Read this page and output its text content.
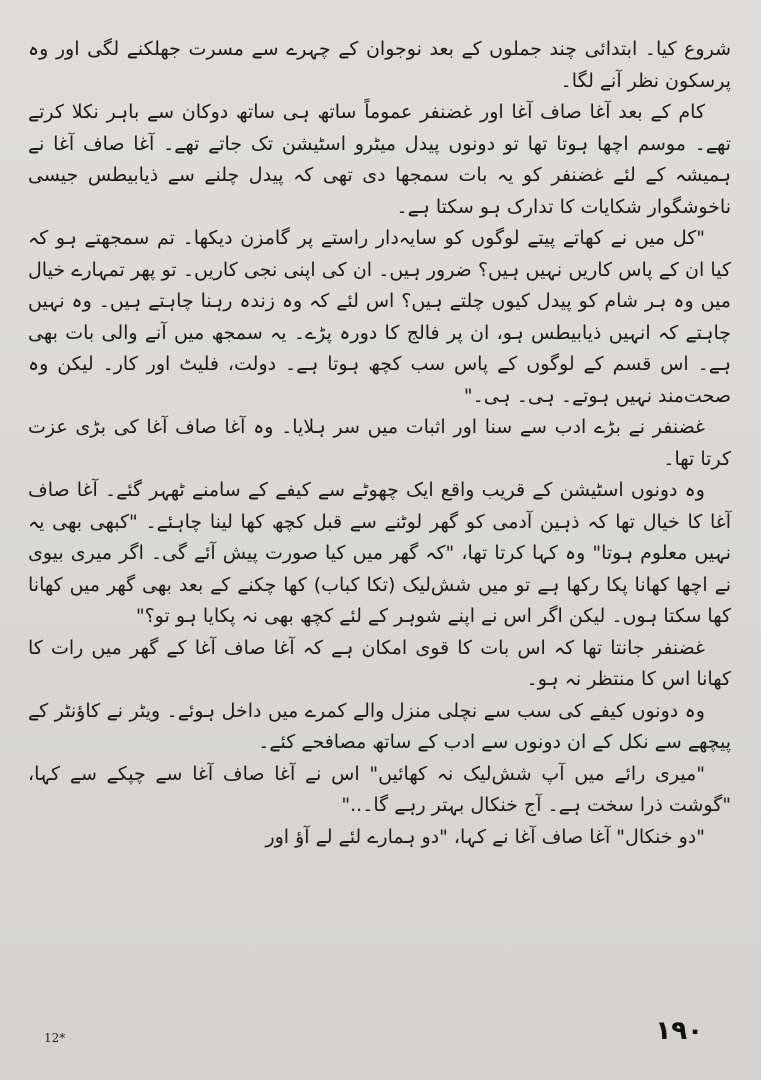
شروع کیا۔ ابتدائی چند جملوں کے بعد نوجوان کے چہرے سے مسرت جھلکنے لگی اور وہ پرسکون نظر آنے لگا۔

کام کے بعد آغا صاف آغا اور غضنفر عموماً ساتھ ہی ساتھ دوکان سے باہر نکلا کرتے تھے۔ موسم اچھا ہوتا تھا تو دونوں پیدل میٹرو اسٹیشن تک جاتے تھے۔ آغا صاف آغا نے ہمیشہ کے لئے غضنفر کو یہ بات سمجھا دی تھی کہ پیدل چلنے سے ذیابیطس جیسی ناخوشگوار شکایات کا تدارک ہو سکتا ہے۔

"کل میں نے کھاتے پیتے لوگوں کو سایہ‌دار راستے پر گامزن دیکھا۔ تم سمجھتے ہو کہ کیا ان کے پاس کاریں نہیں ہیں؟ ضرور ہیں۔ ان کی اپنی نجی کاریں۔ تو پھر تمہارے خیال میں وہ ہر شام کو پیدل کیوں چلتے ہیں؟ اس لئے کہ وہ زندہ رہنا چاہتے ہیں۔ وہ نہیں چاہتے کہ انہیں ذیابیطس ہو، ان پر فالج کا دورہ پڑے۔ یہ سمجھ میں آنے والی بات بھی ہے۔ اس قسم کے لوگوں کے پاس سب کچھ ہوتا ہے۔ دولت، فلیٹ اور کار۔ لیکن وہ صحت‌مند نہیں ہوتے۔ ہی۔ ہی۔"

غضنفر نے بڑے ادب سے سنا اور اثبات میں سر ہلایا۔ وہ آغا صاف آغا کی بڑی عزت کرتا تھا۔

وہ دونوں اسٹیشن کے قریب واقع ایک چھوٹے سے کیفے کے سامنے ٹھہر گئے۔ آغا صاف آغا کا خیال تھا کہ ذہین آدمی کو گھر لوٹنے سے قبل کچھ کھا لینا چاہئے۔ "کبھی بھی یہ نہیں معلوم ہوتا" وہ کہا کرتا تھا، "کہ گھر میں کیا صورت پیش آئے گی۔ اگر میری بیوی نے اچھا کھانا پکا رکھا ہے تو میں شش‌لیک (تکا کباب) کھا چکنے کے بعد بھی گھر میں کھانا کھا سکتا ہوں۔ لیکن اگر اس نے اپنے شوہر کے لئے کچھ بھی نہ پکایا ہو تو؟"

غضنفر جانتا تھا کہ اس بات کا قوی امکان ہے کہ آغا صاف آغا کے گھر میں رات کا کھانا اس کا منتظر نہ ہو۔

وہ دونوں کیفے کی سب سے نچلی منزل والے کمرے میں داخل ہوئے۔ ویٹر نے کاؤنٹر کے پیچھے سے نکل کے ان دونوں سے ادب کے ساتھ مصافحے کئے۔

"میری رائے میں آپ شش‌لیک نہ کھائیں" اس نے آغا صاف آغا سے چپکے سے کہا، "گوشت ذرا سخت ہے۔ آج خنکال بہتر رہے گا۔.."

"دو خنکال" آغا صاف آغا نے کہا، "دو ہمارے لئے لے آؤ اور

12*	۱۹۰
